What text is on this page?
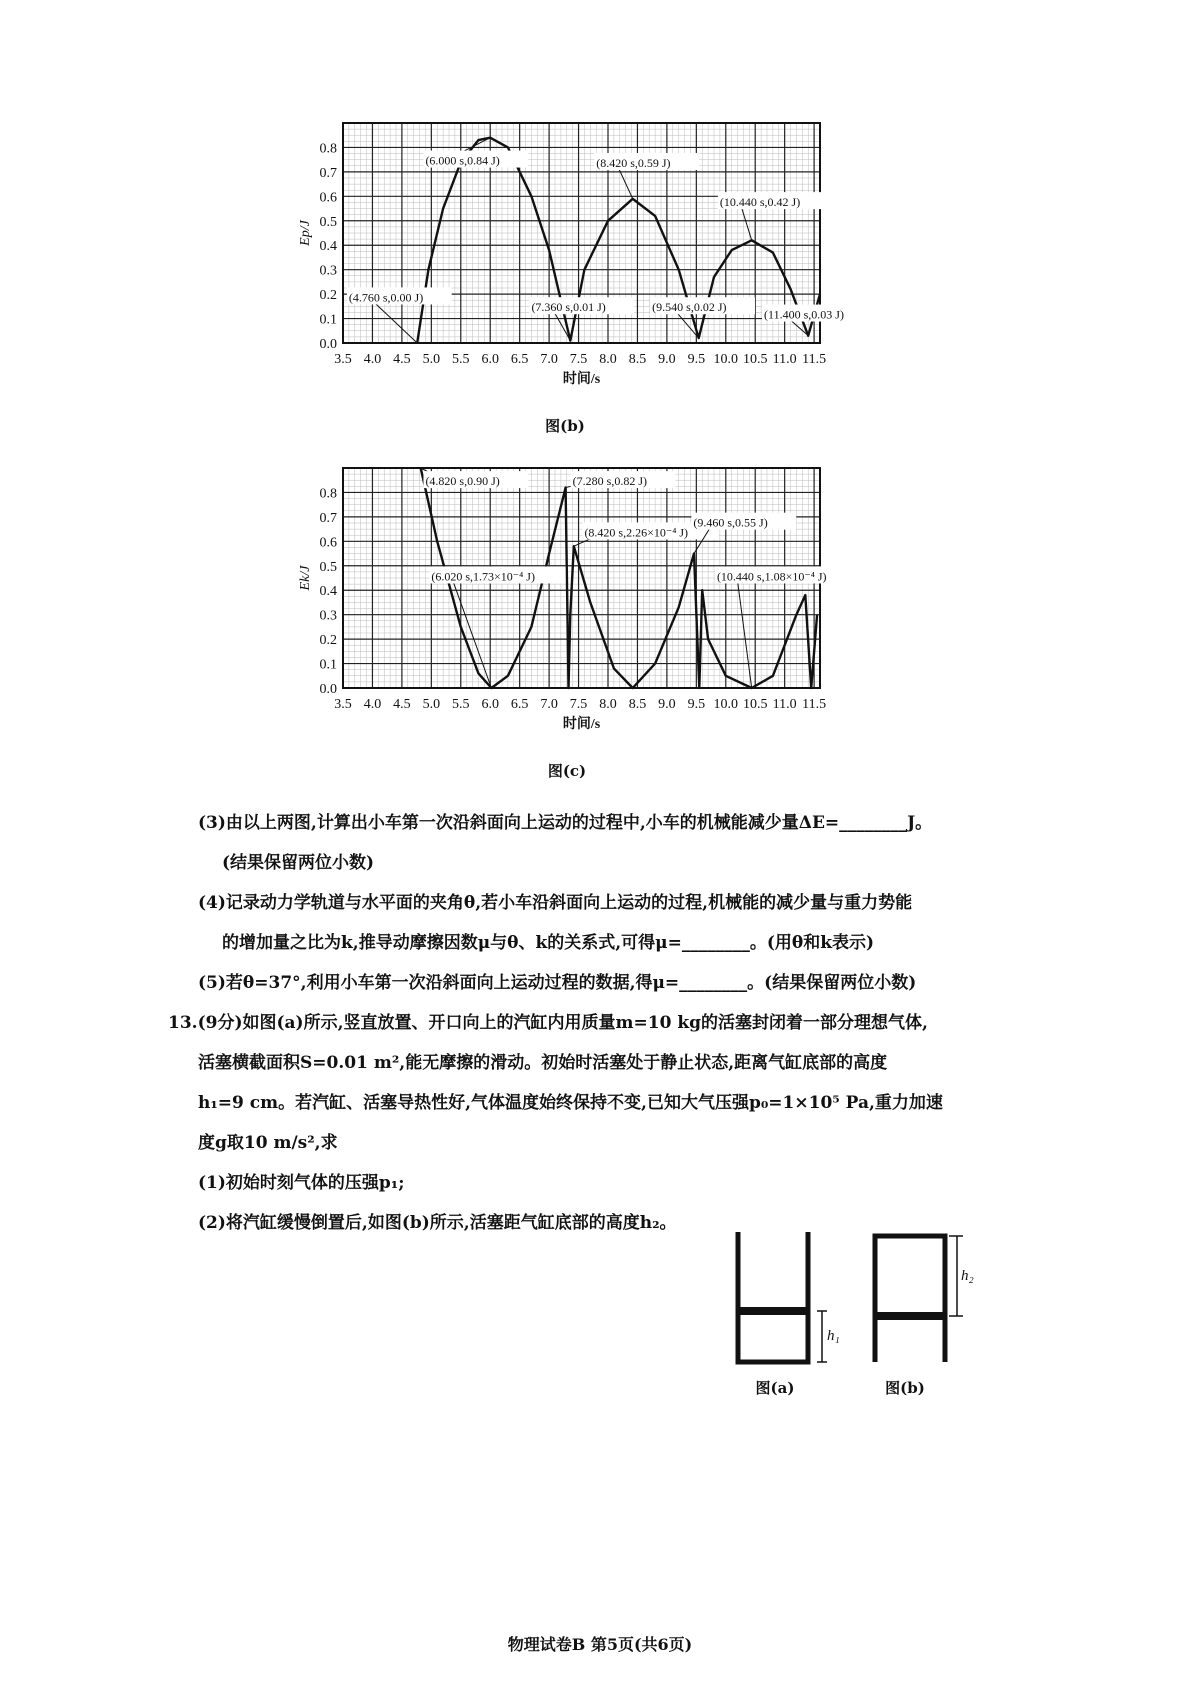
3.5 4.0 4.5 5.0 5.5 6.0 6.5 7.0 7.5 8.0 8.5 9.0 9.5 10.0 10.5 11.0 11.5
0.0
0.1
0.2
0.3
0.4
0.5
0.6
0.7
0.8
时间/s
Ep/J
(6.000 s,0.84 J)	(8.420 s,0.59 J)
(10.440 s,0.42 J)
(4.760 s,0.00 J)
(7.360 s,0.01 J)	(9.540 s,0.02 J)
(11.400 s,0.03 J)
图(b)
3.5 4.0 4.5 5.0 5.5 6.0 6.5 7.0 7.5 8.0 8.5 9.0 9.5 10.0 10.5 11.0 11.5
0.0
0.1
0.2
0.3
0.4
0.5
0.6
0.7
0.8
时间/s
Ek/J
(4.820 s,0.90 J)	(7.280 s,0.82 J)
(8.420 s,2.26×10⁻⁴ J)
(9.460 s,0.55 J)
(6.020 s,1.73×10⁻⁴ J)	(10.440 s,1.08×10⁻⁴ J)
图(c)
(3)由以上两图,计算出小车第一次沿斜面向上运动的过程中,小车的机械能减少量ΔE=________J。
(结果保留两位小数)
(4)记录动力学轨道与水平面的夹角θ,若小车沿斜面向上运动的过程,机械能的减少量与重力势能
的增加量之比为k,推导动摩擦因数μ与θ、k的关系式,可得μ=________。(用θ和k表示)
(5)若θ=37°,利用小车第一次沿斜面向上运动过程的数据,得μ=________。(结果保留两位小数)
13.(9分)如图(a)所示,竖直放置、开口向上的汽缸内用质量m=10 kg的活塞封闭着一部分理想气体,
活塞横截面积S=0.01 m²,能无摩擦的滑动。初始时活塞处于静止状态,距离气缸底部的高度
h₁=9 cm。若汽缸、活塞导热性好,气体温度始终保持不变,已知大气压强p₀=1×10⁵ Pa,重力加速
度g取10 m/s²,求
(1)初始时刻气体的压强p₁;
(2)将汽缸缓慢倒置后,如图(b)所示,活塞距气缸底部的高度h₂。
h₁
图(a)
h₂
图(b)
物理试卷B 第5页(共6页)
